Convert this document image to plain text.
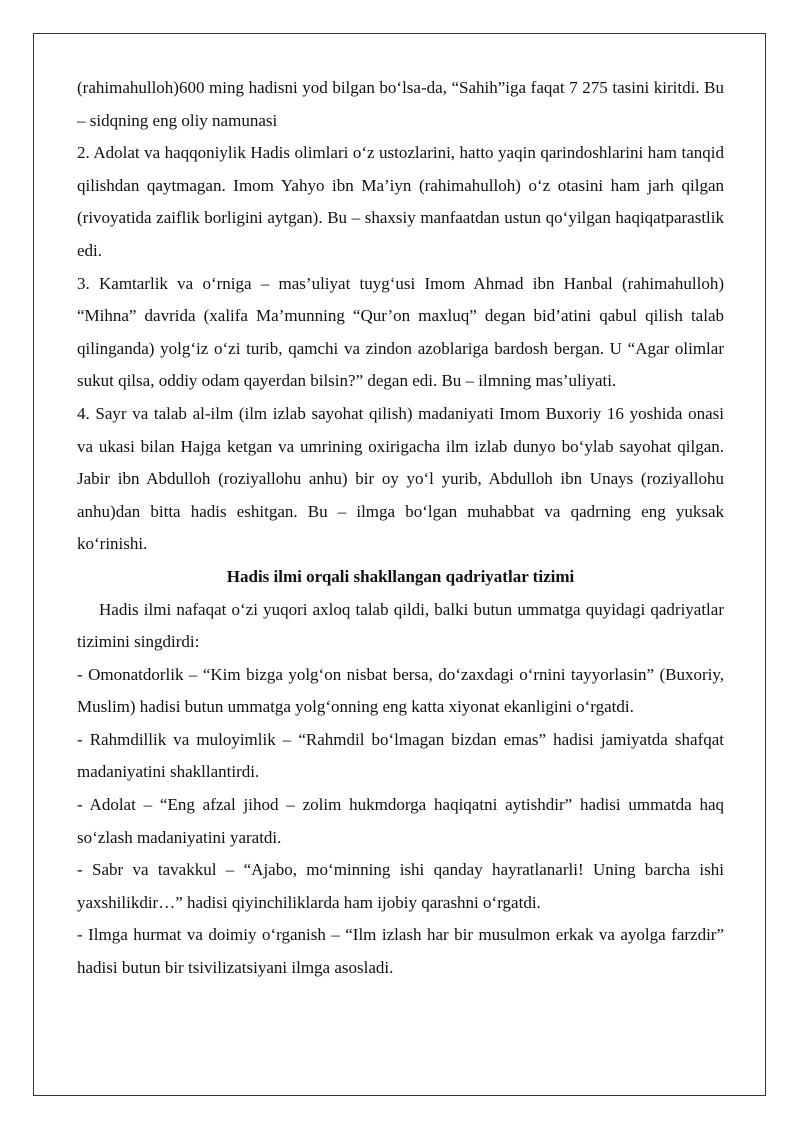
(rahimahulloh)600 ming hadisni yod bilgan bo‘lsa-da, “Sahih”iga faqat 7 275 tasini kiritdi. Bu – sidqning eng oliy namunasi

2. Adolat va haqqoniylik Hadis olimlari o‘z ustozlarini, hatto yaqin qarindoshlarini ham tanqid qilishdan qaytmagan. Imom Yahyo ibn Ma’iyn (rahimahulloh) o‘z otasini ham jarh qilgan (rivoyatida zaiflik borligini aytgan). Bu – shaxsiy manfaatdan ustun qo‘yilgan haqiqatparastlik edi.

3. Kamtarlik va o‘rniga – mas’uliyat tuyg‘usi Imom Ahmad ibn Hanbal (rahimahulloh) “Mihna” davrida (xalifa Ma’munning “Qur’on maxluq” degan bid’atini qabul qilish talab qilinganda) yolg‘iz o‘zi turib, qamchi va zindon azoblariga bardosh bergan. U “Agar olimlar sukut qilsa, oddiy odam qayerdan bilsin?” degan edi. Bu – ilmning mas’uliyati.

4. Sayr va talab al-ilm (ilm izlab sayohat qilish) madaniyati Imom Buxoriy 16 yoshida onasi va ukasi bilan Hajga ketgan va umrining oxirigacha ilm izlab dunyo bo‘ylab sayohat qilgan. Jabir ibn Abdulloh (roziyallohu anhu) bir oy yo‘l yurib, Abdulloh ibn Unays (roziyallohu anhu)dan bitta hadis eshitgan. Bu – ilmga bo‘lgan muhabbat va qadrning eng yuksak ko‘rinishi.

Hadis ilmi orqali shakllangan qadriyatlar tizimi

Hadis ilmi nafaqat o‘zi yuqori axloq talab qildi, balki butun ummatga quyidagi qadriyatlar tizimini singdirdi:

- Omonatdorlik – “Kim bizga yolg‘on nisbat bersa, do‘zaxdagi o‘rnini tayyorlasin” (Buxoriy, Muslim) hadisi butun ummatga yolg‘onning eng katta xiyonat ekanligini o‘rgatdi.

- Rahmdillik va muloyimlik – “Rahmdil bo‘lmagan bizdan emas” hadisi jamiyatda shafqat madaniyatini shakllantirdi.

- Adolat – “Eng afzal jihod – zolim hukmdorga haqiqatni aytishdir” hadisi ummatda haq so‘zlash madaniyatini yaratdi.

- Sabr va tavakkul – “Ajabo, mo‘minning ishi qanday hayratlanarli! Uning barcha ishi yaxshilikdir…” hadisi qiyinchiliklarda ham ijobiy qarashni o‘rgatdi.

- Ilmga hurmat va doimiy o‘rganish – “Ilm izlash har bir musulmon erkak va ayolga farzdir” hadisi butun bir tsivilizatsiyani ilmga asosladi.
